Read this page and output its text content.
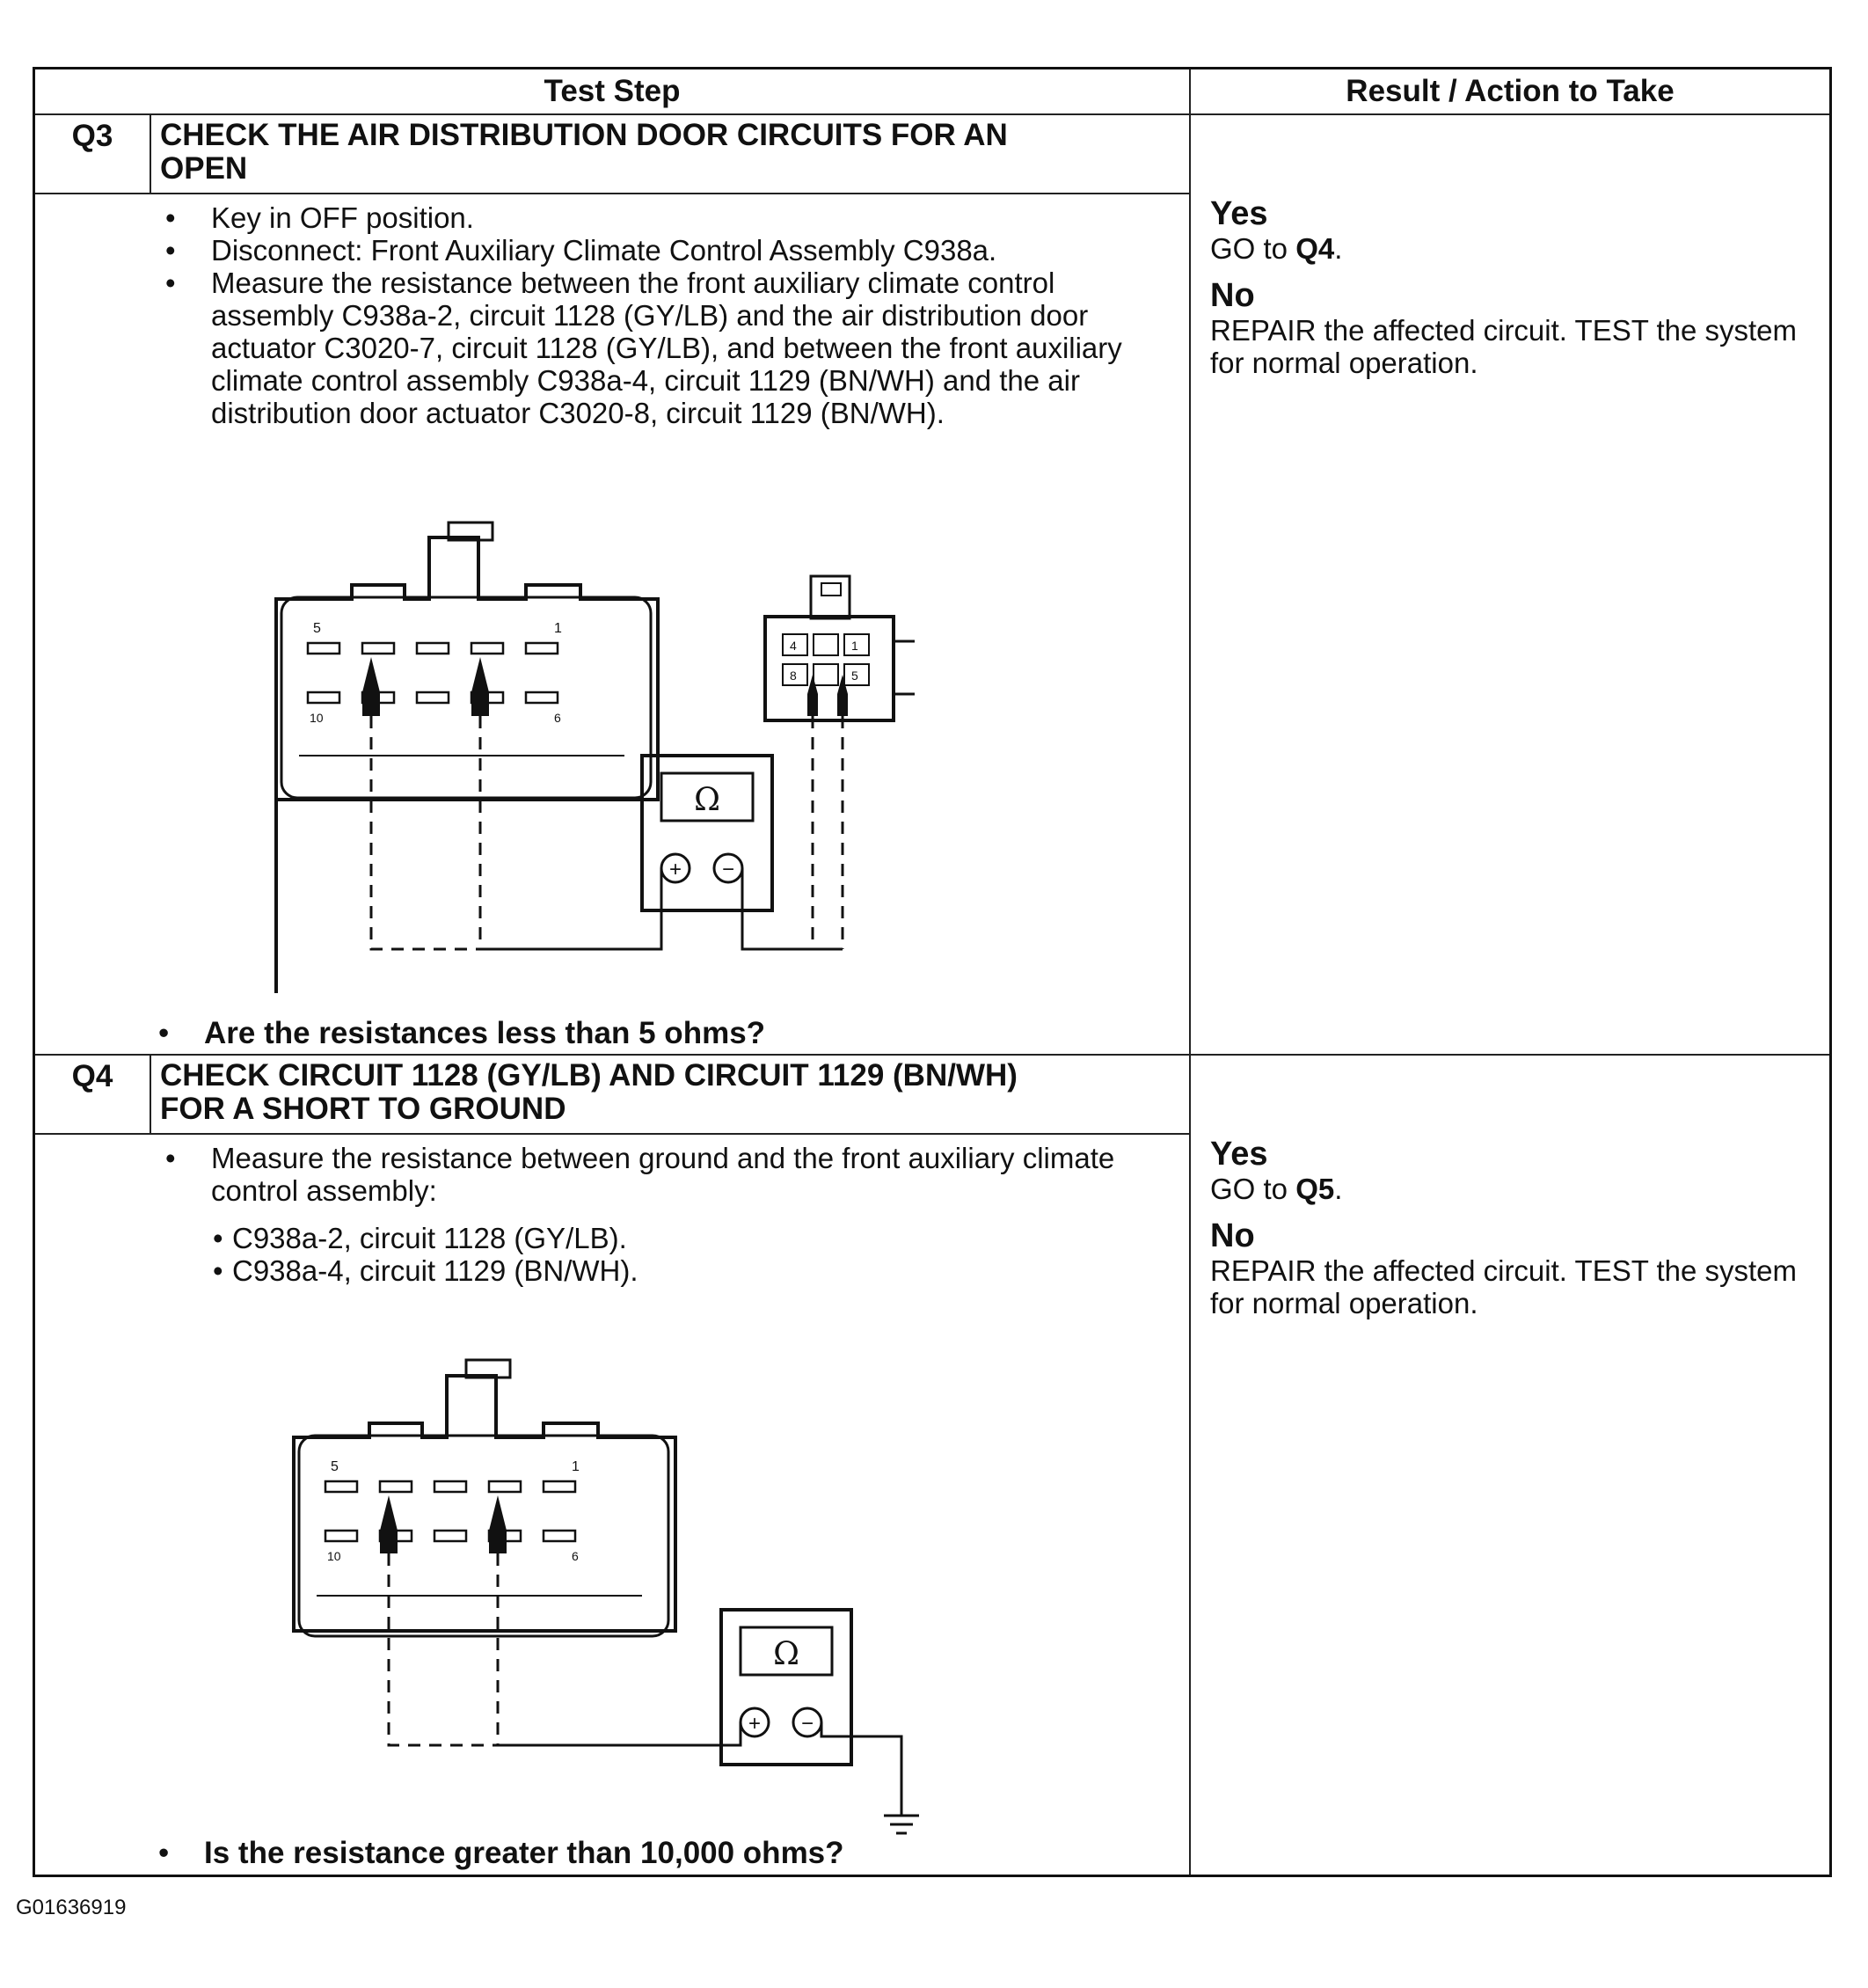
Test Step	Result / Action to Take
Q3	CHECK THE AIR DISTRIBUTION DOOR CIRCUITS FOR AN
OPEN
• Key in OFF position.
• Disconnect: Front Auxiliary Climate Control Assembly C938a.
• Measure the resistance between the front auxiliary climate control assembly C938a-2, circuit 1128 (GY/LB) and the air distribution door actuator C3020-7, circuit 1128 (GY/LB), and between the front auxiliary climate control assembly C938a-4, circuit 1129 (BN/WH) and the air distribution door actuator C3020-8, circuit 1129 (BN/WH).
5	1
10	6
4	1
8	5
Ω
+ −
• Are the resistances less than 5 ohms?
Yes
GO to Q4.
No
REPAIR the affected circuit. TEST the system for normal operation.
Q4	CHECK CIRCUIT 1128 (GY/LB) AND CIRCUIT 1129 (BN/WH)
FOR A SHORT TO GROUND
• Measure the resistance between ground and the front auxiliary climate control assembly:
• C938a-2, circuit 1128 (GY/LB).
• C938a-4, circuit 1129 (BN/WH).
5	1
10	6
Ω
+ −
• Is the resistance greater than 10,000 ohms?
Yes
GO to Q5.
No
REPAIR the affected circuit. TEST the system for normal operation.
G01636919
